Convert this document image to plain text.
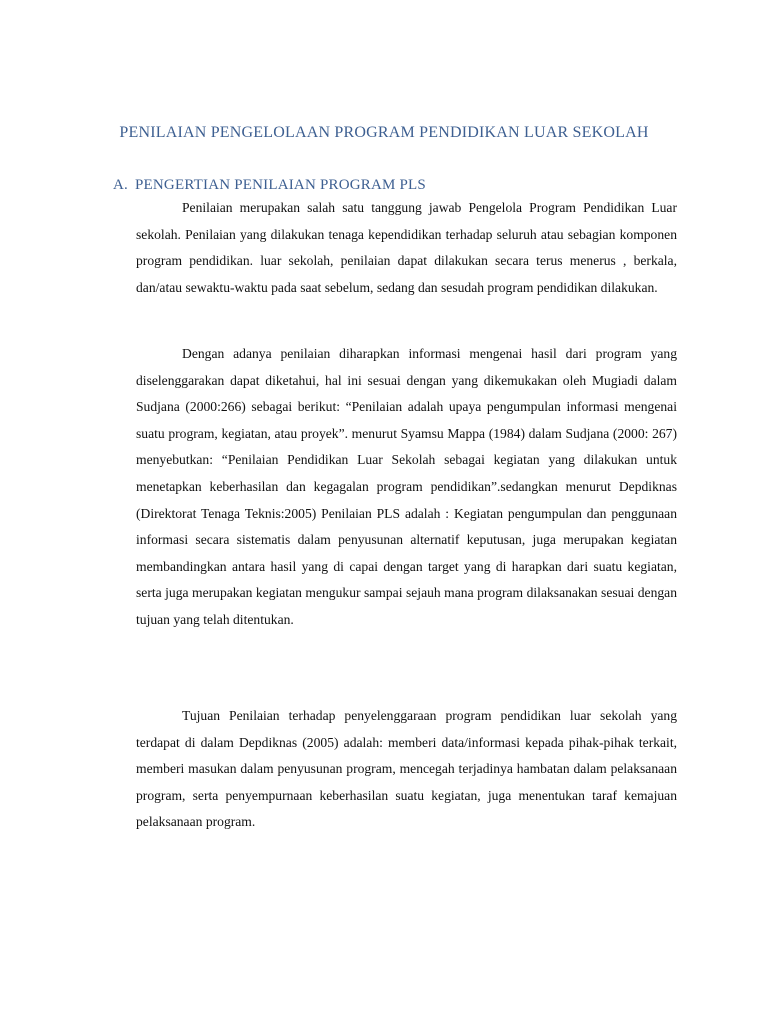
PENILAIAN PENGELOLAAN PROGRAM PENDIDIKAN LUAR SEKOLAH
A. PENGERTIAN PENILAIAN PROGRAM PLS

Penilaian merupakan salah satu tanggung jawab Pengelola Program Pendidikan Luar sekolah. Penilaian yang dilakukan tenaga kependidikan terhadap seluruh atau sebagian komponen program pendidikan. luar sekolah, penilaian dapat dilakukan secara terus menerus , berkala, dan/atau sewaktu-waktu pada saat sebelum, sedang dan sesudah program pendidikan dilakukan.

Dengan adanya penilaian diharapkan informasi mengenai hasil dari program yang diselenggarakan dapat diketahui, hal ini sesuai dengan yang dikemukakan oleh Mugiadi dalam Sudjana (2000:266) sebagai berikut: “Penilaian adalah upaya pengumpulan informasi mengenai suatu program, kegiatan, atau proyek”. menurut Syamsu Mappa (1984) dalam Sudjana (2000: 267) menyebutkan: “Penilaian Pendidikan Luar Sekolah sebagai kegiatan yang dilakukan untuk menetapkan keberhasilan dan kegagalan program pendidikan”.sedangkan menurut Depdiknas (Direktorat Tenaga Teknis:2005) Penilaian PLS adalah : Kegiatan pengumpulan dan penggunaan informasi secara sistematis dalam penyusunan alternatif keputusan, juga merupakan kegiatan membandingkan antara hasil yang di capai dengan target yang di harapkan dari suatu kegiatan, serta juga merupakan kegiatan mengukur sampai sejauh mana program dilaksanakan sesuai dengan tujuan yang telah ditentukan.

Tujuan Penilaian terhadap penyelenggaraan program pendidikan luar sekolah yang terdapat di dalam Depdiknas (2005) adalah: memberi data/informasi kepada pihak-pihak terkait, memberi masukan dalam penyusunan program, mencegah terjadinya hambatan dalam pelaksanaan program, serta penyempurnaan keberhasilan suatu kegiatan, juga menentukan taraf kemajuan pelaksanaan program.
